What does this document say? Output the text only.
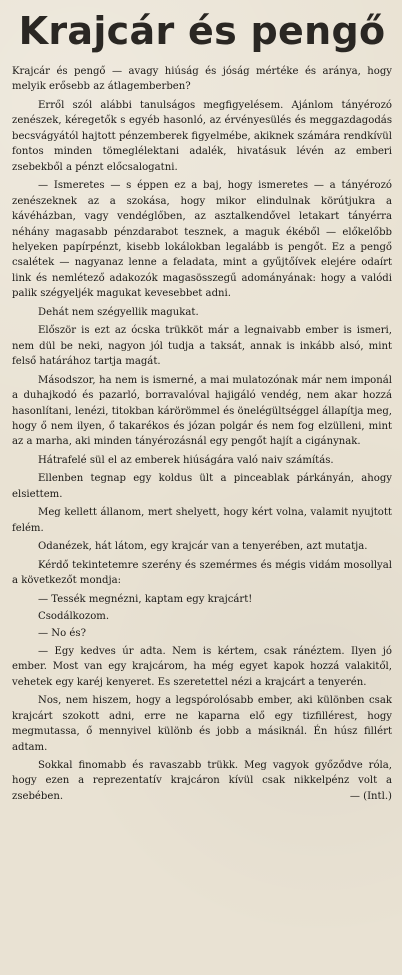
Krajcár és pengő

Krajcár és pengő — avagy hiúság és jóság mértéke és aránya, hogy melyik erősebb az átlagemberben?

Erről szól alábbi tanulságos megfigyelésem. Ajánlom tányérozó zenészek, kéregetők s egyéb hasonló, az érvényesülés és meggazdagodás becsvágyától hajtott pénzemberek figyelmébe, akiknek számára rendkívül fontos minden tömeglélektani adalék, hivatásuk lévén az emberi zsebekből a pénzt előcsalogatni.

— Ismeretes — s éppen ez a baj, hogy ismeretes — a tányérozó zenészeknek az a szokása, hogy mikor elindulnak körútjukra a kávéházban, vagy vendéglőben, az asztalkendővel letakart tányérra néhány magasabb pénzdarabot tesznek, a maguk ékéből — előkelőbb helyeken papírpénzt, kisebb lokálokban legalább is pengőt. Ez a pengő csalétek — nagyanaz lenne a feladata, mint a gyűjtőívek elejére odaírt link és nemlétező adakozók magasösszegű adományának: hogy a valódi palik szégyeljék magukat kevesebbet adni.

Dehát nem szégyellik magukat.

Először is ezt az ócska trükköt már a legnaivabb ember is ismeri, nem dül be neki, nagyon jól tudja a taksát, annak is inkább alsó, mint felső határához tartja magát.

Másodszor, ha nem is ismerné, a mai mulatozónak már nem imponál a duhajkodó és pazarló, borravalóval hajigáló vendég, nem akar hozzá hasonlítani, lenézi, titokban kárörömmel és önelégültséggel állapítja meg, hogy ő nem ilyen, ő takarékos és józan polgár és nem fog elzülleni, mint az a marha, aki minden tányérozásnál egy pengőt hajít a cigánynak.

Hátrafelé sül el az emberek hiúságára való naiv számítás.

Ellenben tegnap egy koldus ült a pinceablak párkányán, ahogy elsiettem.

Meg kellett állanom, mert shelyett, hogy kért volna, valamit nyujtott felém.

Odanézek, hát látom, egy krajcár van a tenyerében, azt mutatja.

Kérdő tekintetemre szerény és szemérmes és mégis vidám mosollyal a következőt mondja:

— Tessék megnézni, kaptam egy krajcárt!

Csodálkozom.

— No és?

— Egy kedves úr adta. Nem is kértem, csak ránéztem. Ilyen jó ember. Most van egy krajcárom, ha még egyet kapok hozzá valakitől, vehetek egy karéj kenyeret. Es szeretettel nézi a krajcárt a tenyerén.

Nos, nem hiszem, hogy a legspórolósabb ember, aki különben csak krajcárt szokott adni, erre ne kaparna elő egy tizfillérest, hogy megmutassa, ő mennyivel különb és jobb a másiknál. Én húsz fillért adtam.

Sokkal finomabb és ravaszabb trükk. Meg vagyok győződve róla, hogy ezen a reprezentatív krajcáron kívül csak nikkelpénz volt a zsebében.	— (Intl.)
